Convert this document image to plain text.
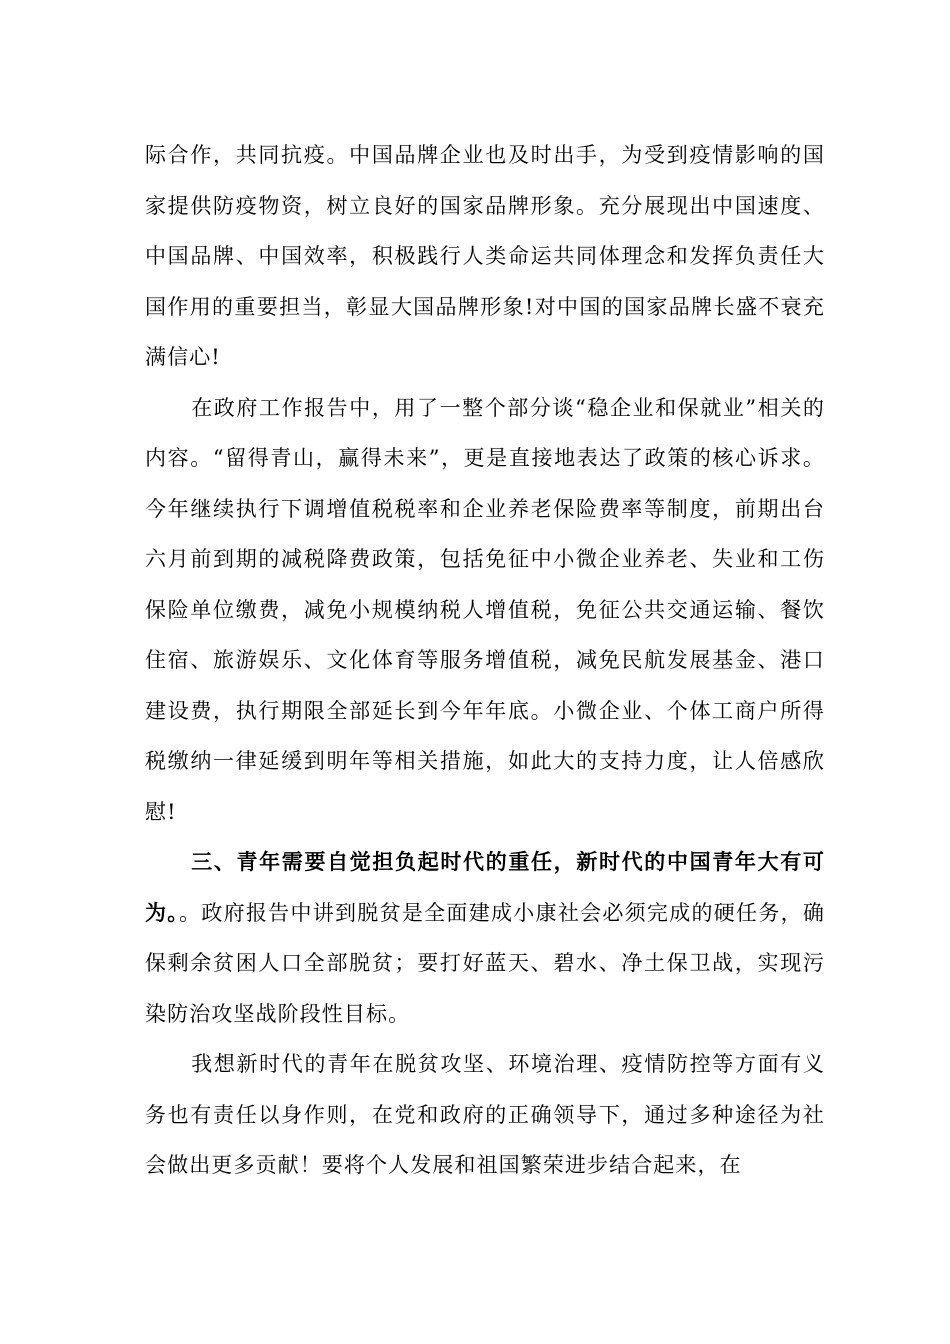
际合作，共同抗疫。中国品牌企业也及时出手，为受到疫情影响的国家提供防疫物资，树立良好的国家品牌形象。充分展现出中国速度、中国品牌、中国效率，积极践行人类命运共同体理念和发挥负责任大国作用的重要担当，彰显大国品牌形象!对中国的国家品牌长盛不衰充满信心!

在政府工作报告中，用了一整个部分谈“稳企业和保就业”相关的内容。“留得青山，赢得未来”，更是直接地表达了政策的核心诉求。今年继续执行下调增值税税率和企业养老保险费率等制度，前期出台六月前到期的减税降费政策，包括免征中小微企业养老、失业和工伤保险单位缴费，减免小规模纳税人增值税，免征公共交通运输、餐饮住宿、旅游娱乐、文化体育等服务增值税，减免民航发展基金、港口建设费，执行期限全部延长到今年年底。小微企业、个体工商户所得税缴纳一律延缓到明年等相关措施，如此大的支持力度，让人倍感欣慰!

三、青年需要自觉担负起时代的重任，新时代的中国青年大有可为。。政府报告中讲到脱贫是全面建成小康社会必须完成的硬任务，确保剩余贫困人口全部脱贫；要打好蓝天、碧水、净土保卫战，实现污染防治攻坚战阶段性目标。

我想新时代的青年在脱贫攻坚、环境治理、疫情防控等方面有义务也有责任以身作则，在党和政府的正确领导下，通过多种途径为社会做出更多贡献！要将个人发展和祖国繁荣进步结合起来，在
